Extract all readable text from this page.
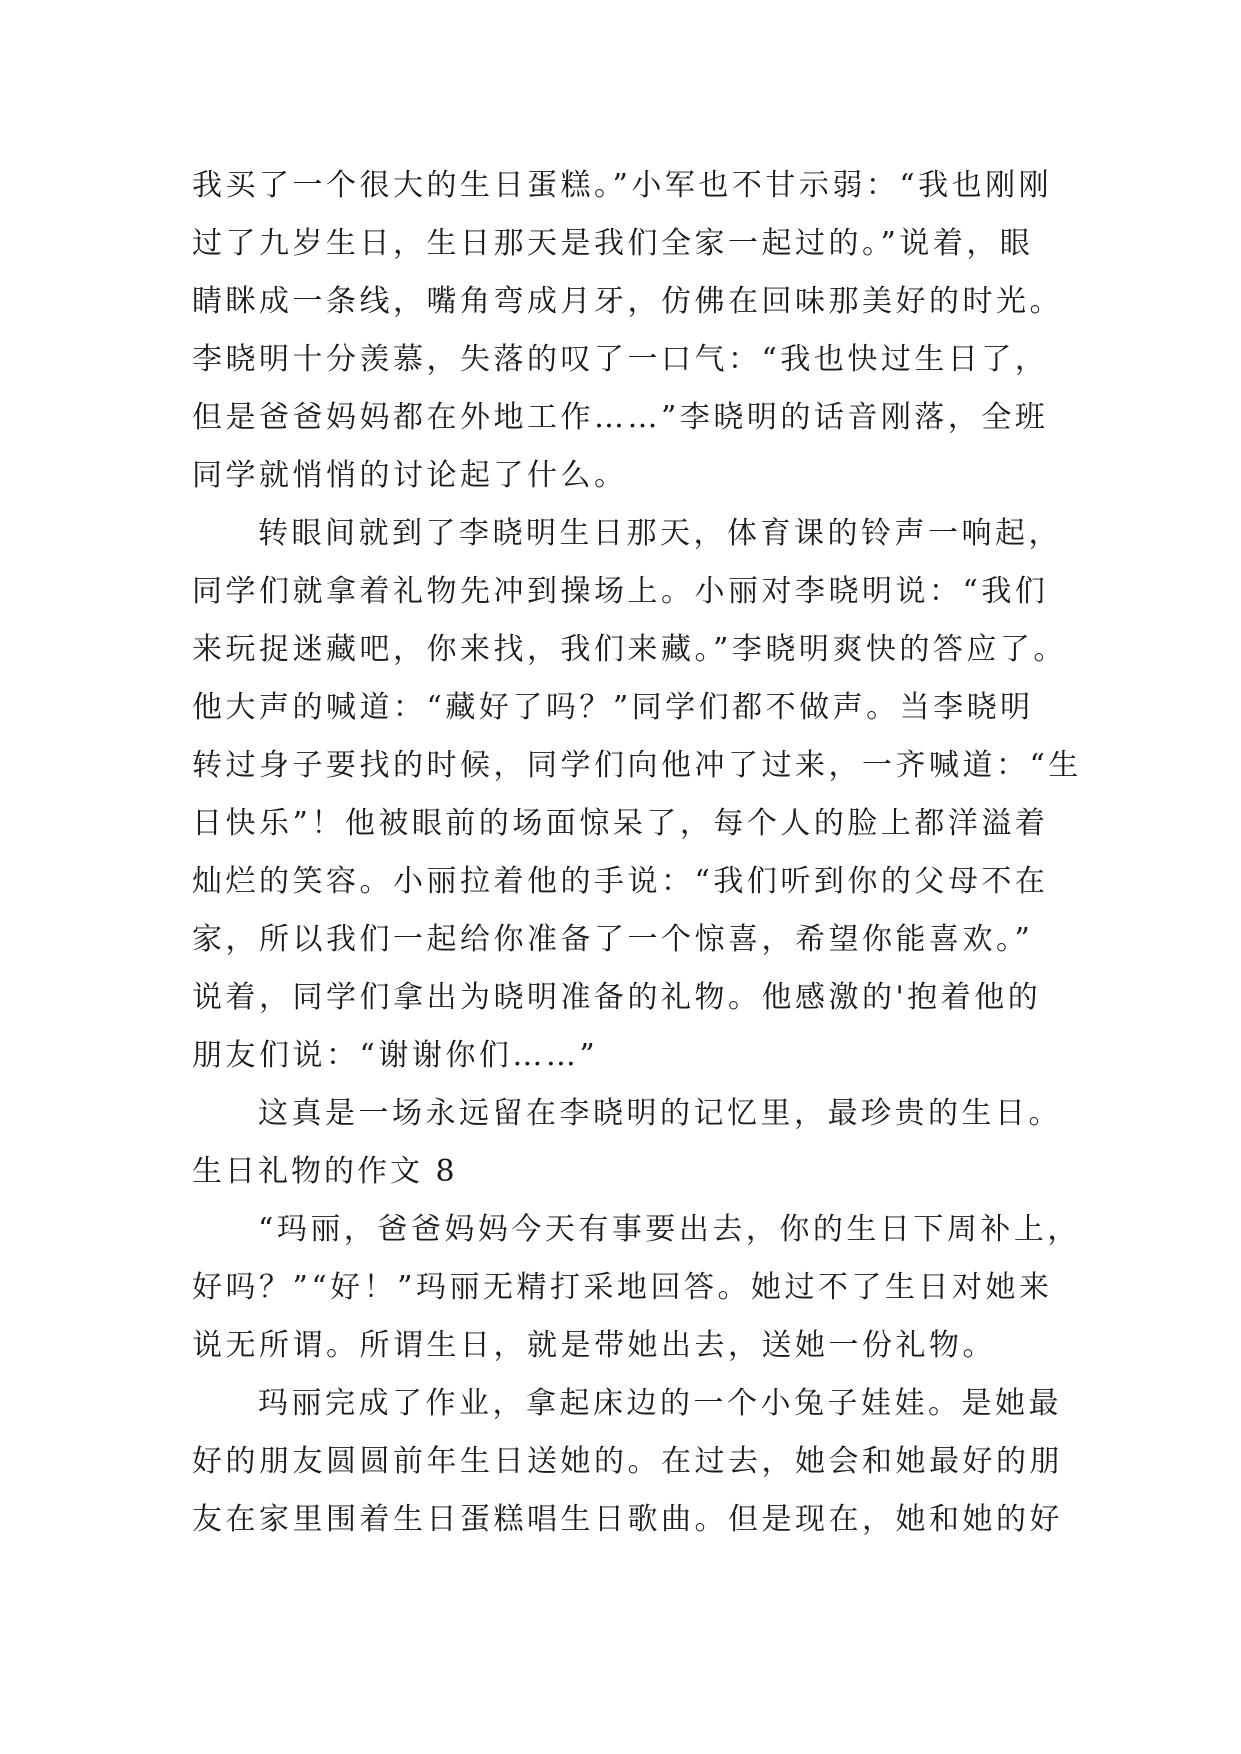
我买了一个很大的生日蛋糕。”小军也不甘示弱：“我也刚刚
过了九岁生日，生日那天是我们全家一起过的。”说着，眼
睛眯成一条线，嘴角弯成月牙，仿佛在回味那美好的时光。
李晓明十分羡慕，失落的叹了一口气：“我也快过生日了，
但是爸爸妈妈都在外地工作……”李晓明的话音刚落，全班
同学就悄悄的讨论起了什么。
转眼间就到了李晓明生日那天，体育课的铃声一响起，
同学们就拿着礼物先冲到操场上。小丽对李晓明说：“我们
来玩捉迷藏吧，你来找，我们来藏。”李晓明爽快的答应了。
他大声的喊道：“藏好了吗？”同学们都不做声。当李晓明
转过身子要找的时候，同学们向他冲了过来，一齐喊道：“生
日快乐”！他被眼前的场面惊呆了，每个人的脸上都洋溢着
灿烂的笑容。小丽拉着他的手说：“我们听到你的父母不在
家，所以我们一起给你准备了一个惊喜，希望你能喜欢。”
说着，同学们拿出为晓明准备的礼物。他感激的'抱着他的
朋友们说：“谢谢你们……”
这真是一场永远留在李晓明的记忆里，最珍贵的生日。
生日礼物的作文 8
“玛丽，爸爸妈妈今天有事要出去，你的生日下周补上，
好吗？”“好！”玛丽无精打采地回答。她过不了生日对她来
说无所谓。所谓生日，就是带她出去，送她一份礼物。
玛丽完成了作业，拿起床边的一个小兔子娃娃。是她最
好的朋友圆圆前年生日送她的。在过去，她会和她最好的朋
友在家里围着生日蛋糕唱生日歌曲。但是现在，她和她的好
